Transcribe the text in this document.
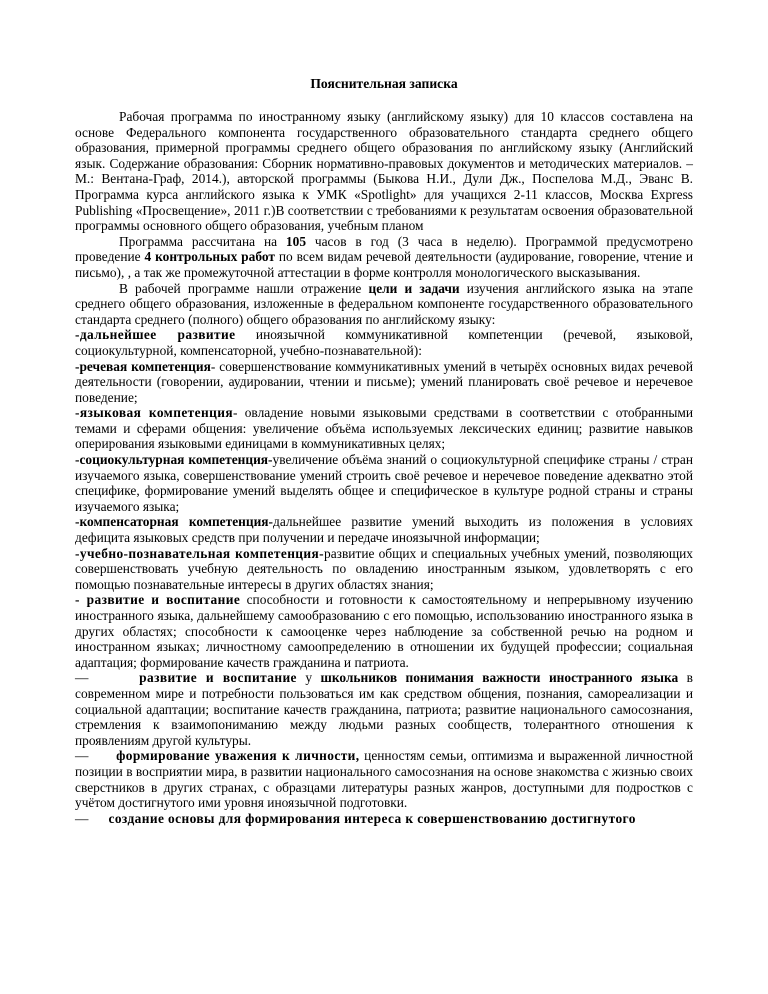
Пояснительная записка

Рабочая программа по иностранному языку (английскому языку) для 10 классов составлена на основе Федерального компонента государственного образовательного стандарта среднего общего образования, примерной программы среднего общего образования по английскому языку (Английский язык. Содержание образования: Сборник нормативно-правовых документов и методических материалов. – М.: Вентана-Граф, 2014.), авторской программы (Быкова Н.И., Дули Дж., Поспелова М.Д., Эванс В. Программа курса английского языка к УМК «Spotlight» для учащихся 2-11 классов, Москва Express Publishing «Просвещение», 2011 г.)В соответствии с требованиями к результатам освоения образовательной программы основного общего образования, учебным планом

Программа рассчитана на 105 часов в год (3 часа в неделю). Программой предусмотрено проведение 4 контрольных работ по всем видам речевой деятельности (аудирование, говорение, чтение и письмо), , а так же промежуточной аттестации в форме контролля монологического высказывания.

В рабочей программе нашли отражение цели и задачи изучения английского языка на этапе среднего общего образования, изложенные в федеральном компоненте государственного образовательного стандарта среднего (полного) общего образования по английскому языку:

-дальнейшее развитие иноязычной коммуникативной компетенции (речевой, языковой, социокультурной, компенсаторной, учебно-познавательной):

-речевая компетенция- совершенствование коммуникативных умений в четырёх основных видах речевой деятельности (говорении, аудировании, чтении и письме); умений планировать своё речевое и неречевое поведение;

-языковая компетенция- овладение новыми языковыми средствами в соответствии с отобранными темами и сферами общения: увеличение объёма используемых лексических единиц; развитие навыков оперирования языковыми единицами в коммуникативных целях;

-социокультурная компетенция-увеличение объёма знаний о социокультурной специфике страны / стран изучаемого языка, совершенствование умений строить своё речевое и неречевое поведение адекватно этой специфике, формирование умений выделять общее и специфическое в культуре родной страны и страны изучаемого языка;

-компенсаторная компетенция-дальнейшее развитие умений выходить из положения в условиях дефицита языковых средств при получении и передаче иноязычной информации;

-учебно-познавательная компетенция-развитие общих и специальных учебных умений, позволяющих совершенствовать учебную деятельность по овладению иностранным языком, удовлетворять с его помощью познавательные интересы в других областях знания;

- развитие и воспитание способности и готовности к самостоятельному и непрерывному изучению иностранного языка, дальнейшему самообразованию с его помощью, использованию иностранного языка в других областях; способности к самооценке через наблюдение за собственной речью на родном и иностранном языках; личностному самоопределению в отношении их будущей профессии; социальная адаптация; формирование качеств гражданина и патриота.

—	развитие и воспитание у школьников понимания важности иностранного языка в современном мире и потребности пользоваться им как средством общения, познания, самореализации и социальной адаптации; воспитание качеств гражданина, патриота; развитие национального самосознания, стремления к взаимопониманию между людьми разных сообществ, толерантного отношения к проявлениям другой культуры.

— формирование уважения к личности, ценностям семьи, оптимизма и выраженной личностной позиции в восприятии мира, в развитии национального самосознания на основе знакомства с жизнью своих сверстников в других странах, с образцами литературы разных жанров, доступными для подростков с учётом достигнутого ими уровня иноязычной подготовки.

— создание основы для формирования интереса к совершенствованию достигнутого
